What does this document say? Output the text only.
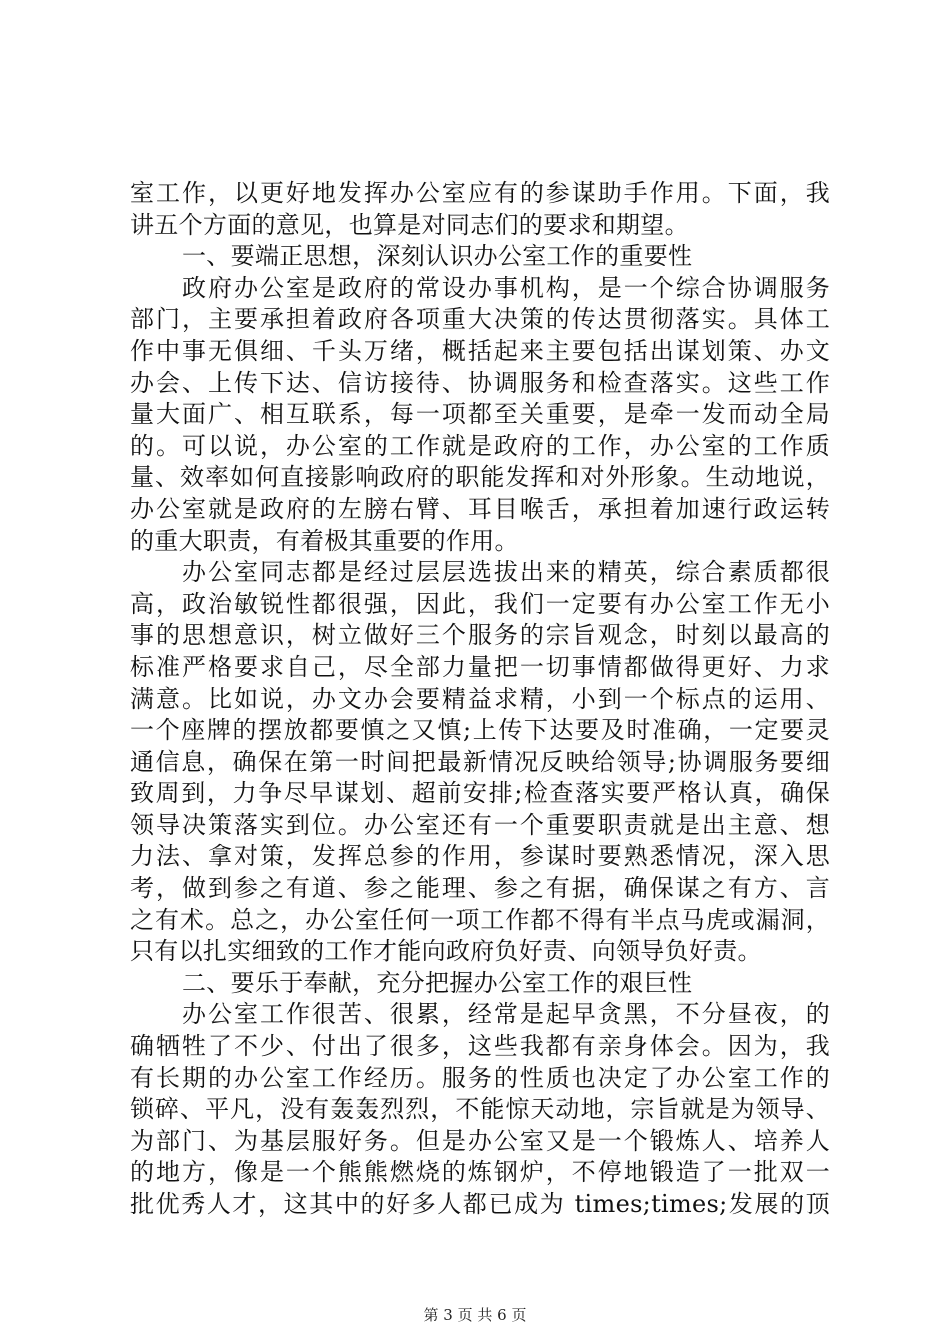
室工作，以更好地发挥办公室应有的参谋助手作用。下面，我
讲五个方面的意见，也算是对同志们的要求和期望。
一、要端正思想，深刻认识办公室工作的重要性
政府办公室是政府的常设办事机构，是一个综合协调服务
部门，主要承担着政府各项重大决策的传达贯彻落实。具体工
作中事无俱细、千头万绪，概括起来主要包括出谋划策、办文
办会、上传下达、信访接待、协调服务和检查落实。这些工作
量大面广、相互联系，每一项都至关重要，是牵一发而动全局
的。可以说，办公室的工作就是政府的工作，办公室的工作质
量、效率如何直接影响政府的职能发挥和对外形象。生动地说，
办公室就是政府的左膀右臂、耳目喉舌，承担着加速行政运转
的重大职责，有着极其重要的作用。
办公室同志都是经过层层选拔出来的精英，综合素质都很
高，政治敏锐性都很强，因此，我们一定要有办公室工作无小
事的思想意识，树立做好三个服务的宗旨观念，时刻以最高的
标准严格要求自己，尽全部力量把一切事情都做得更好、力求
满意。比如说，办文办会要精益求精，小到一个标点的运用、
一个座牌的摆放都要慎之又慎;上传下达要及时准确，一定要灵
通信息，确保在第一时间把最新情况反映给领导;协调服务要细
致周到，力争尽早谋划、超前安排;检查落实要严格认真，确保
领导决策落实到位。办公室还有一个重要职责就是出主意、想
力法、拿对策，发挥总参的作用，参谋时要熟悉情况，深入思
考，做到参之有道、参之能理、参之有据，确保谋之有方、言
之有术。总之，办公室任何一项工作都不得有半点马虎或漏洞，
只有以扎实细致的工作才能向政府负好责、向领导负好责。
二、要乐于奉献，充分把握办公室工作的艰巨性
办公室工作很苦、很累，经常是起早贪黑，不分昼夜，的
确牺牲了不少、付出了很多，这些我都有亲身体会。因为，我
有长期的办公室工作经历。服务的性质也决定了办公室工作的
锁碎、平凡，没有轰轰烈烈，不能惊天动地，宗旨就是为领导、
为部门、为基层服好务。但是办公室又是一个锻炼人、培养人
的地方，像是一个熊熊燃烧的炼钢炉，不停地锻造了一批双一
批优秀人才，这其中的好多人都已成为 times;times;发展的顶
第 3 页 共 6 页
